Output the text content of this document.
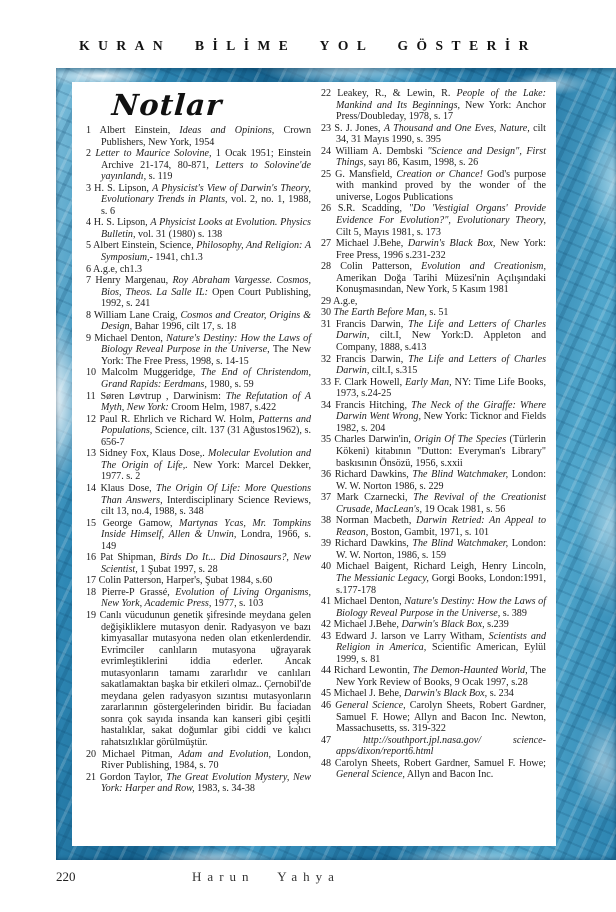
KURAN BİLİME YOL GÖSTERİR
Notlar
1 Albert Einstein, Ideas and Opinions, Crown Publishers, New York, 1954
2 Letter to Maurice Solovine, 1 Ocak 1951; Einstein Archive 21-174, 80-871, Letters to Solovine'de yayınlandı, s. 119
3 H. S. Lipson, A Physicist's View of Darwin's Theory, Evolutionary Trends in Plants, vol. 2, no. 1, 1988, s. 6
4 H. S. Lipson, A Physicist Looks at Evolution. Physics Bulletin, vol. 31 (1980) s. 138
5 Albert Einstein, Science, Philosophy, And Religion: A Symposium,- 1941, ch1.3
6 A.g.e, ch1.3
7 Henry Margenau, Roy Abraham Vargesse. Cosmos, Bios, Theos. La Salle IL: Open Court Publishing, 1992, s. 241
8 William Lane Craig, Cosmos and Creator, Origins & Design, Bahar 1996, cilt 17, s. 18
9 Michael Denton, Nature's Destiny: How the Laws of Biology Reveal Purpose in the Universe, The New York: The Free Press, 1998, s. 14-15
10 Malcolm Muggeridge, The End of Christendom, Grand Rapids: Eerdmans, 1980, s. 59
11 Søren Løvtrup , Darwinism: The Refutation of A Myth, New York: Croom Helm, 1987, s.422
12 Paul R. Ehrlich ve Richard W. Holm, Patterns and Populations, Science, cilt. 137 (31 Ağustos1962), s. 656-7
13 Sidney Fox, Klaus Dose,. Molecular Evolution and The Origin of Life,. New York: Marcel Dekker, 1977. s. 2
14 Klaus Dose, The Origin Of Life: More Questions Than Answers, Interdisciplinary Science Reviews, cilt 13, no.4, 1988, s. 348
15 George Gamow, Martynas Ycas, Mr. Tompkins Inside Himself, Allen & Unwin, Londra, 1966, s. 149
16 Pat Shipman, Birds Do It... Did Dinosaurs?, New Scientist, 1 Şubat 1997, s. 28
17 Colin Patterson, Harper's, Şubat 1984, s.60
18 Pierre-P Grassé, Evolution of Living Organisms, New York, Academic Press, 1977, s. 103
19 Canlı vücudunun genetik şifresinde meydana gelen değişikliklere mutasyon denir. Radyasyon ve bazı kimyasallar mutasyona neden olan etkenlerdendir. Evrimciler canlıların mutasyona uğrayarak evrimleştiklerini iddia ederler. Ancak mutasyonların tamamı zararlıdır ve canlıları sakatlamaktan başka bir etkileri olmaz.. Çernobil'de meydana gelen radyasyon sızıntısı mutasyonların zararlarının göstergelerinden biridir. Bu faciadan sonra çok sayıda insanda kan kanseri gibi çeşitli hastalıklar, sakat doğumlar gibi ciddi ve kalıcı rahatsızlıklar görülmüştür.
20 Michael Pitman, Adam and Evolution, London, River Publishing, 1984, s. 70
21 Gordon Taylor, The Great Evolution Mystery, New York: Harper and Row, 1983, s. 34-38
22 Leakey, R., & Lewin, R. People of the Lake: Mankind and Its Beginnings, New York: Anchor Press/Doubleday, 1978, s. 17
23 S. J. Jones, A Thousand and One Eves, Nature, cilt 34, 31 Mayıs 1990, s. 395
24 William A. Dembski "Science and Design", First Things, sayı 86, Kasım, 1998, s. 26
25 G. Mansfield, Creation or Chance! God's purpose with mankind proved by the wonder of the universe, Logos Publications
26 S.R. Scadding, "Do 'Vestigial Organs' Provide Evidence For Evolution?", Evolutionary Theory, Cilt 5, Mayıs 1981, s. 173
27 Michael J.Behe, Darwin's Black Box, New York: Free Press, 1996 s.231-232
28 Colin Patterson, Evolution and Creationism, Amerikan Doğa Tarihi Müzesi'nin Açılışındaki Konuşmasından, New York, 5 Kasım 1981
29 A.g.e,
30 The Earth Before Man, s. 51
31 Francis Darwin, The Life and Letters of Charles Darwin, cilt.I, New York:D. Appleton and Company, 1888, s.413
32 Francis Darwin, The Life and Letters of Charles Darwin, cilt.I, s.315
33 F. Clark Howell, Early Man, NY: Time Life Books, 1973, s.24-25
34 Francis Hitching, The Neck of the Giraffe: Where Darwin Went Wrong, New York: Ticknor and Fields 1982, s. 204
35 Charles Darwin'in, Origin Of The Species (Türlerin Kökeni) kitabının "Dutton: Everyman's Library" baskısının Önsözü, 1956, s.xxii
36 Richard Dawkins, The Blind Watchmaker, London: W. W. Norton 1986, s. 229
37 Mark Czarnecki, The Revival of the Creationist Crusade, MacLean's, 19 Ocak 1981, s. 56
38 Norman Macbeth, Darwin Retried: An Appeal to Reason, Boston, Gambit, 1971, s. 101
39 Richard Dawkins, The Blind Watchmaker, London: W. W. Norton, 1986, s. 159
40 Michael Baigent, Richard Leigh, Henry Lincoln, The Messianic Legacy, Gorgi Books, London:1991, s.177-178
41 Michael Denton, Nature's Destiny: How the Laws of Biology Reveal Purpose in the Universe, s. 389
42 Michael J.Behe, Darwin's Black Box, s.239
43 Edward J. larson ve Larry Witham, Scientists and Religion in America, Scientific American, Eylül 1999, s. 81
44 Richard Lewontin, The Demon-Haunted World, The New York Review of Books, 9 Ocak 1997, s.28
45 Michael J. Behe, Darwin's Black Box, s. 234
46 General Science, Carolyn Sheets, Robert Gardner, Samuel F. Howe; Allyn and Bacon Inc. Newton, Massachusetts, ss. 319-322
47 http://southport.jpl.nasa.gov/ science-apps/dixon/report6.html
48 Carolyn Sheets, Robert Gardner, Samuel F. Howe; General Science, Allyn and Bacon Inc.
220	Harun Yahya
